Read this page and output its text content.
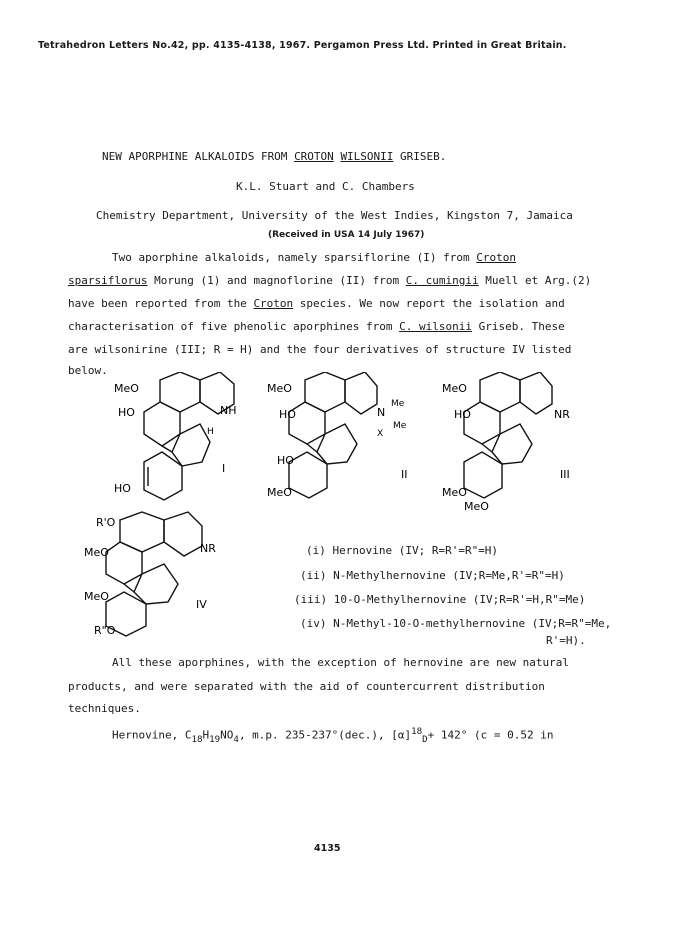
Tetrahedron Letters No.42, pp. 4135-4138, 1967. Pergamon Press Ltd. Printed in Great Britain.
NEW APORPHINE ALKALOIDS FROM CROTON WILSONII GRISEB.
K.L. Stuart and C. Chambers
Chemistry Department, University of the West Indies, Kingston 7, Jamaica
(Received in USA 14 July 1967)
Two aporphine alkaloids, namely sparsiflorine (I) from Croton
sparsiflorus Morung (1) and magnoflorine (II) from C. cumingii Muell et Arg.(2)
have been reported from the Croton species. We now report the isolation and
characterisation of five phenolic aporphines from C. wilsonii Griseb. These
are wilsonirine (III; R = H) and the four derivatives of structure IV listed
below.
MeO
HO	NH
H
HO
I
MeO
HO
Me
N
Me
X
HO
MeO
II
MeO
HO	NR
MeO
MeO
III
R'O
MeO	NR
MeO
R"O
IV
(i) Hernovine (IV; R=R'=R"=H)
(ii) N-Methylhernovine (IV;R=Me,R'=R"=H)
(iii) 10-O-Methylhernovine (IV;R=R'=H,R"=Me)
(iv) N-Methyl-10-O-methylhernovine (IV;R=R"=Me,
R'=H).
All these aporphines, with the exception of hernovine are new natural
products, and were separated with the aid of countercurrent distribution
techniques.
Hernovine, $C_{18}H_{19}NO_4$, m.p. 235-237°(dec.), $[\alpha]^{18}_D+ 142^\circ$ (c = 0.52 in
4135
